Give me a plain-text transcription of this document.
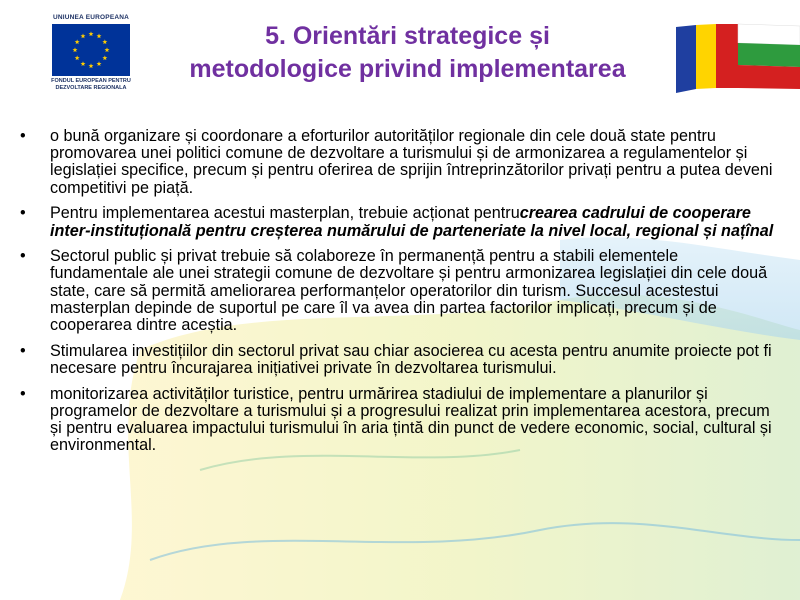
UNIUNEA EUROPEANA
FONDUL EUROPEAN PENTRU
DEZVOLTARE REGIONALA
5. Orientări strategice și
metodologice privind implementarea
• o bună organizare și coordonare a eforturilor autorităților regionale din cele două state pentru promovarea unei politici comune de dezvoltare a turismului și de armonizarea a regulamentelor și legislației specifice, precum și pentru oferirea de sprijin întreprinzătorilor privați pentru a putea deveni competitivi pe piață.
• Pentru implementarea acestui masterplan, trebuie acționat pentrucrearea cadrului de cooperare inter-instituțională pentru creșterea numărului de parteneriate la nivel local, regional și națînal
• Sectorul public și privat trebuie să colaboreze în permanență pentru a stabili elementele fundamentale ale unei strategii comune de dezvoltare și pentru armonizarea legislației din cele două state, care să permită ameliorarea performanțelor operatorilor din turism. Succesul acestestui masterplan depinde de suportul pe care îl va avea din partea factorilor implicați, precum și de cooperarea dintre aceștia.
• Stimularea investițiilor din sectorul privat sau chiar asocierea cu acesta pentru anumite proiecte pot fi necesare pentru încurajarea inițiativei private în dezvoltarea turismului.
• monitorizarea activităților turistice, pentru urmărirea stadiului de implementare a planurilor și programelor de dezvoltare a turismului și a progresului realizat prin implementarea acestora, precum și pentru evaluarea impactului turismului în aria țintă din punct de vedere economic, social, cultural și environmental.
